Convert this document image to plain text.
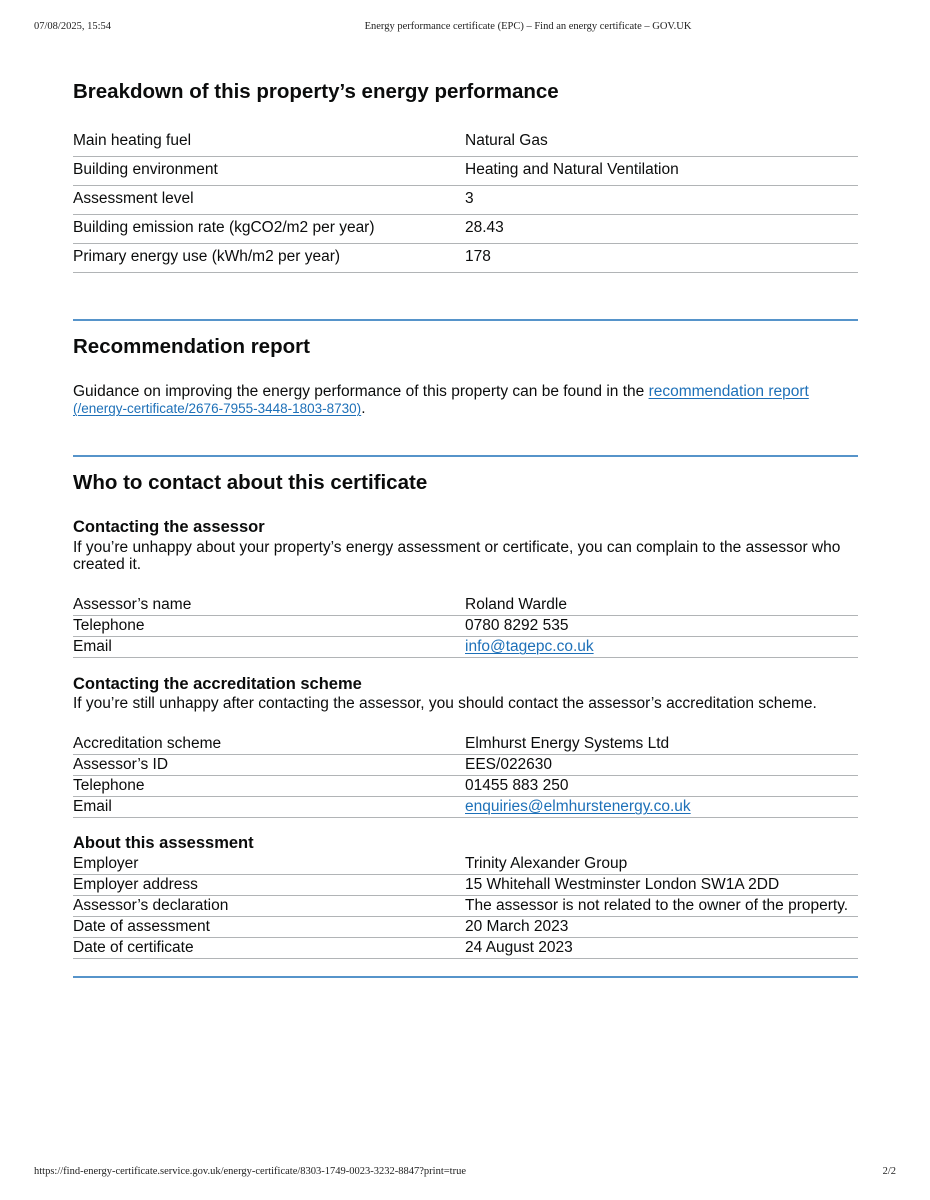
07/08/2025, 15:54	Energy performance certificate (EPC) – Find an energy certificate – GOV.UK
Breakdown of this property’s energy performance
Main heating fuel	Natural Gas
Building environment	Heating and Natural Ventilation
Assessment level	3
Building emission rate (kgCO2/m2 per year)	28.43
Primary energy use (kWh/m2 per year)	178
Recommendation report

Guidance on improving the energy performance of this property can be found in the recommendation report
(/energy-certificate/2676-7955-3448-1803-8730).

Who to contact about this certificate
Contacting the assessor

If you’re unhappy about your property’s energy assessment or certificate, you can complain to the assessor who created it.

Assessor’s name	Roland Wardle
Telephone	0780 8292 535
Email	info@tagepc.co.uk
Contacting the accreditation scheme

If you’re still unhappy after contacting the assessor, you should contact the assessor’s accreditation scheme.

Accreditation scheme	Elmhurst Energy Systems Ltd
Assessor’s ID	EES/022630
Telephone	01455 883 250
Email	enquiries@elmhurstenergy.co.uk
About this assessment
Employer	Trinity Alexander Group
Employer address	15 Whitehall Westminster London SW1A 2DD
Assessor’s declaration	The assessor is not related to the owner of the property.
Date of assessment	20 March 2023
Date of certificate	24 August 2023
https://find-energy-certificate.service.gov.uk/energy-certificate/8303-1749-0023-3232-8847?print=true	2/2
